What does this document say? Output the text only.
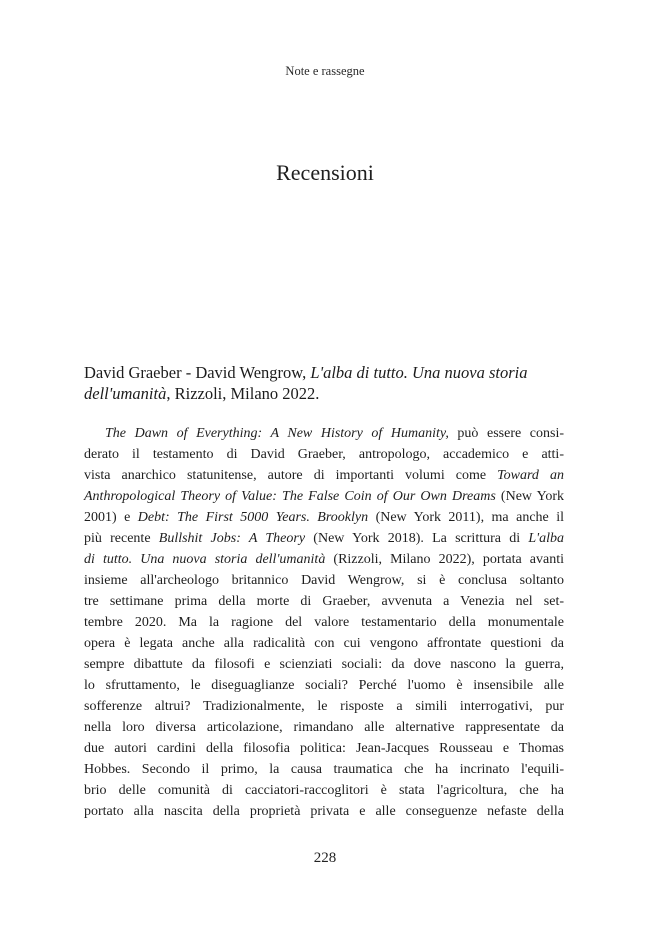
Note e rassegne
Recensioni
David Graeber - David Wengrow, L'alba di tutto. Una nuova storia
dell'umanità, Rizzoli, Milano 2022.
The Dawn of Everything: A New History of Humanity, può essere consi-
derato il testamento di David Graeber, antropologo, accademico e atti-
vista anarchico statunitense, autore di importanti volumi come Toward an
Anthropological Theory of Value: The False Coin of Our Own Dreams (New York
2001) e Debt: The First 5000 Years. Brooklyn (New York 2011), ma anche il
più recente Bullshit Jobs: A Theory (New York 2018). La scrittura di L'alba
di tutto. Una nuova storia dell'umanità (Rizzoli, Milano 2022), portata avanti
insieme all'archeologo britannico David Wengrow, si è conclusa soltanto
tre settimane prima della morte di Graeber, avvenuta a Venezia nel set-
tembre 2020. Ma la ragione del valore testamentario della monumentale
opera è legata anche alla radicalità con cui vengono affrontate questioni da
sempre dibattute da filosofi e scienziati sociali: da dove nascono la guerra,
lo sfruttamento, le diseguaglianze sociali? Perché l'uomo è insensibile alle
sofferenze altrui? Tradizionalmente, le risposte a simili interrogativi, pur
nella loro diversa articolazione, rimandano alle alternative rappresentate da
due autori cardini della filosofia politica: Jean-Jacques Rousseau e Thomas
Hobbes. Secondo il primo, la causa traumatica che ha incrinato l'equili-
brio delle comunità di cacciatori-raccoglitori è stata l'agricoltura, che ha
portato alla nascita della proprietà privata e alle conseguenze nefaste della
228
